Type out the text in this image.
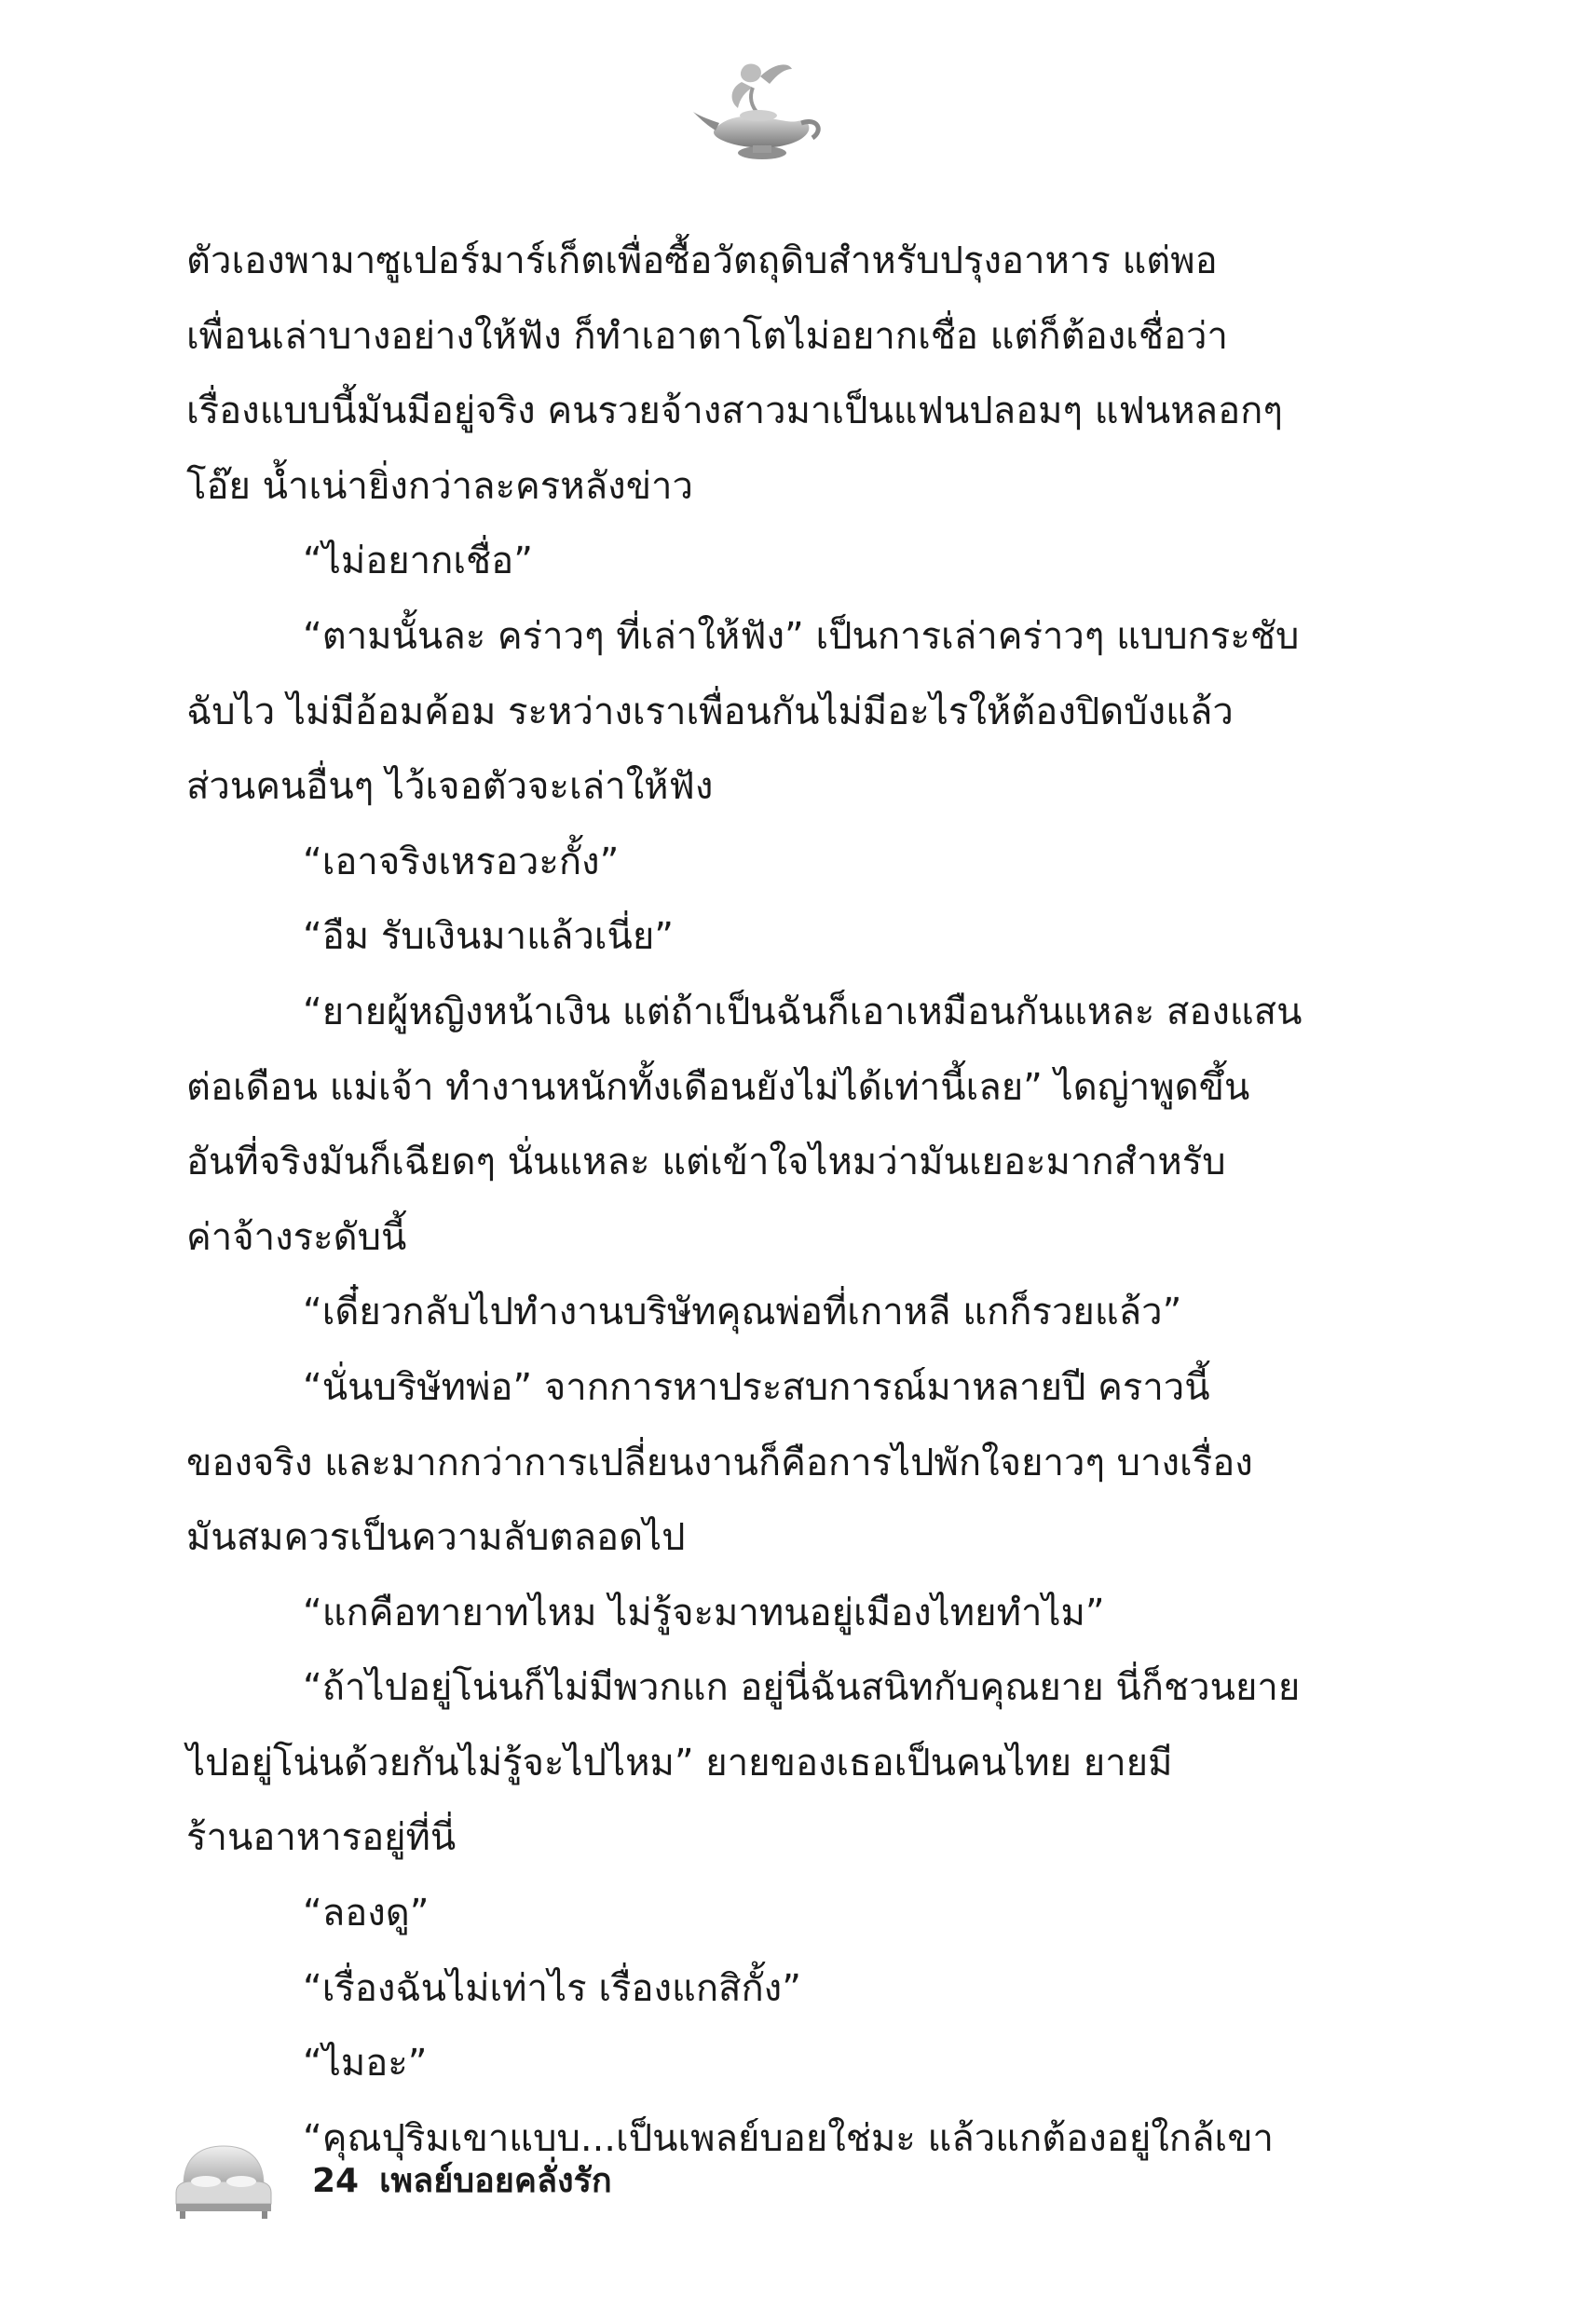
ตัวเองพามาซูเปอร์มาร์เก็ตเพื่อซื้อวัตถุดิบสำหรับปรุงอาหาร แต่พอ
เพื่อนเล่าบางอย่างให้ฟัง ก็ทำเอาตาโตไม่อยากเชื่อ แต่ก็ต้องเชื่อว่า
เรื่องแบบนี้มันมีอยู่จริง คนรวยจ้างสาวมาเป็นแฟนปลอมๆ แฟนหลอกๆ
โอ๊ย น้ำเน่ายิ่งกว่าละครหลังข่าว
“ไม่อยากเชื่อ”
“ตามนั้นละ คร่าวๆ ที่เล่าให้ฟัง” เป็นการเล่าคร่าวๆ แบบกระชับ
ฉับไว ไม่มีอ้อมค้อม ระหว่างเราเพื่อนกันไม่มีอะไรให้ต้องปิดบังแล้ว
ส่วนคนอื่นๆ ไว้เจอตัวจะเล่าให้ฟัง
“เอาจริงเหรอวะกั้ง”
“อืม รับเงินมาแล้วเนี่ย”
“ยายผู้หญิงหน้าเงิน แต่ถ้าเป็นฉันก็เอาเหมือนกันแหละ สองแสน
ต่อเดือน แม่เจ้า ทำงานหนักทั้งเดือนยังไม่ได้เท่านี้เลย” ไดญ่าพูดขึ้น
อันที่จริงมันก็เฉียดๆ นั่นแหละ แต่เข้าใจไหมว่ามันเยอะมากสำหรับ
ค่าจ้างระดับนี้
“เดี๋ยวกลับไปทำงานบริษัทคุณพ่อที่เกาหลี แกก็รวยแล้ว”
“นั่นบริษัทพ่อ” จากการหาประสบการณ์มาหลายปี คราวนี้
ของจริง และมากกว่าการเปลี่ยนงานก็คือการไปพักใจยาวๆ บางเรื่อง
มันสมควรเป็นความลับตลอดไป
“แกคือทายาทไหม ไม่รู้จะมาทนอยู่เมืองไทยทำไม”
“ถ้าไปอยู่โน่นก็ไม่มีพวกแก อยู่นี่ฉันสนิทกับคุณยาย นี่ก็ชวนยาย
ไปอยู่โน่นด้วยกันไม่รู้จะไปไหม” ยายของเธอเป็นคนไทย ยายมี
ร้านอาหารอยู่ที่นี่
“ลองดู”
“เรื่องฉันไม่เท่าไร เรื่องแกสิกั้ง”
“ไมอะ”
“คุณปุริมเขาแบบ...เป็นเพลย์บอยใช่มะ แล้วแกต้องอยู่ใกล้เขา
24 เพลย์บอยคลั่งรัก
